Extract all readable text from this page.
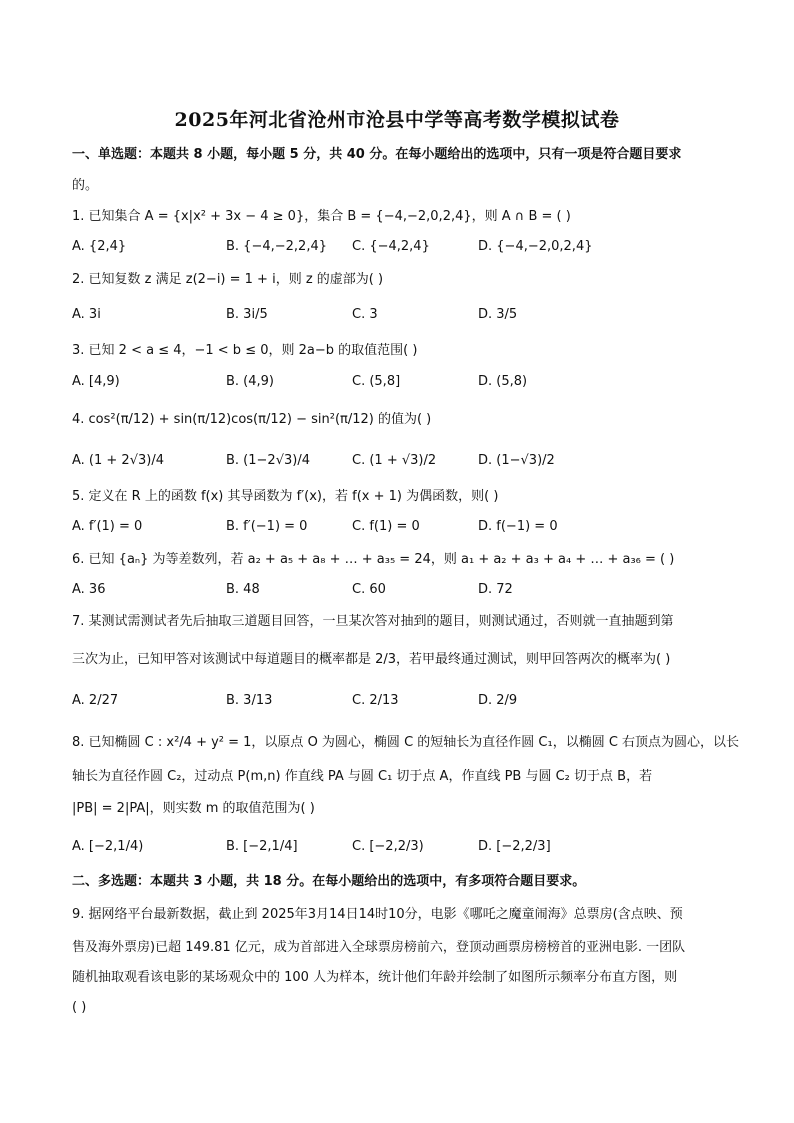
2025年河北省沧州市沧县中学等高考数学模拟试卷
一、单选题：本题共 8 小题，每小题 5 分，共 40 分。在每小题给出的选项中，只有一项是符合题目要求
的。
1. 已知集合 A = {x|x² + 3x − 4 ≥ 0}，集合 B = {−4,−2,0,2,4}，则 A ∩ B = ( )
A. {2,4}	B. {−4,−2,2,4} C. {−4,2,4}	D. {−4,−2,0,2,4}
2. 已知复数 z 满足 z(2−i) = 1 + i，则 z 的虚部为( )
A. 3i	B. 3i/5	C. 3	D. 3/5
3. 已知 2 < a ≤ 4，−1 < b ≤ 0，则 2a−b 的取值范围( )
A. [4,9)	B. (4,9)	C. (5,8]	D. (5,8)
4. cos²(π/12) + sin(π/12)cos(π/12) − sin²(π/12) 的值为( )
A. (1 + 2√3)/4	B. (1−2√3)/4	C. (1 + √3)/2	D. (1−√3)/2
5. 定义在 R 上的函数 f(x) 其导函数为 f′(x)，若 f(x + 1) 为偶函数，则( )
A. f′(1) = 0	B. f′(−1) = 0	C. f(1) = 0	D. f(−1) = 0
6. 已知 {aₙ} 为等差数列，若 a₂ + a₅ + a₈ + … + a₃₅ = 24，则 a₁ + a₂ + a₃ + a₄ + … + a₃₆ = ( )
A. 36	B. 48	C. 60	D. 72
7. 某测试需测试者先后抽取三道题目回答，一旦某次答对抽到的题目，则测试通过，否则就一直抽题到第
三次为止，已知甲答对该测试中每道题目的概率都是 2/3，若甲最终通过测试，则甲回答两次的概率为( )
A. 2/27	B. 3/13	C. 2/13	D. 2/9
8. 已知椭圆 C : x²/4 + y² = 1，以原点 O 为圆心，椭圆 C 的短轴长为直径作圆 C₁，以椭圆 C 右顶点为圆心，以长
轴长为直径作圆 C₂，过动点 P(m,n) 作直线 PA 与圆 C₁ 切于点 A，作直线 PB 与圆 C₂ 切于点 B，若
|PB| = 2|PA|，则实数 m 的取值范围为( )
A. [−2,1/4)	B. [−2,1/4]	C. [−2,2/3)	D. [−2,2/3]
二、多选题：本题共 3 小题，共 18 分。在每小题给出的选项中，有多项符合题目要求。
9. 据网络平台最新数据，截止到 2025年3月14日14时10分，电影《哪吒之魔童闹海》总票房(含点映、预
售及海外票房)已超 149.81 亿元，成为首部进入全球票房榜前六，登顶动画票房榜榜首的亚洲电影. 一团队
随机抽取观看该电影的某场观众中的 100 人为样本，统计他们年龄并绘制了如图所示频率分布直方图，则
( )
